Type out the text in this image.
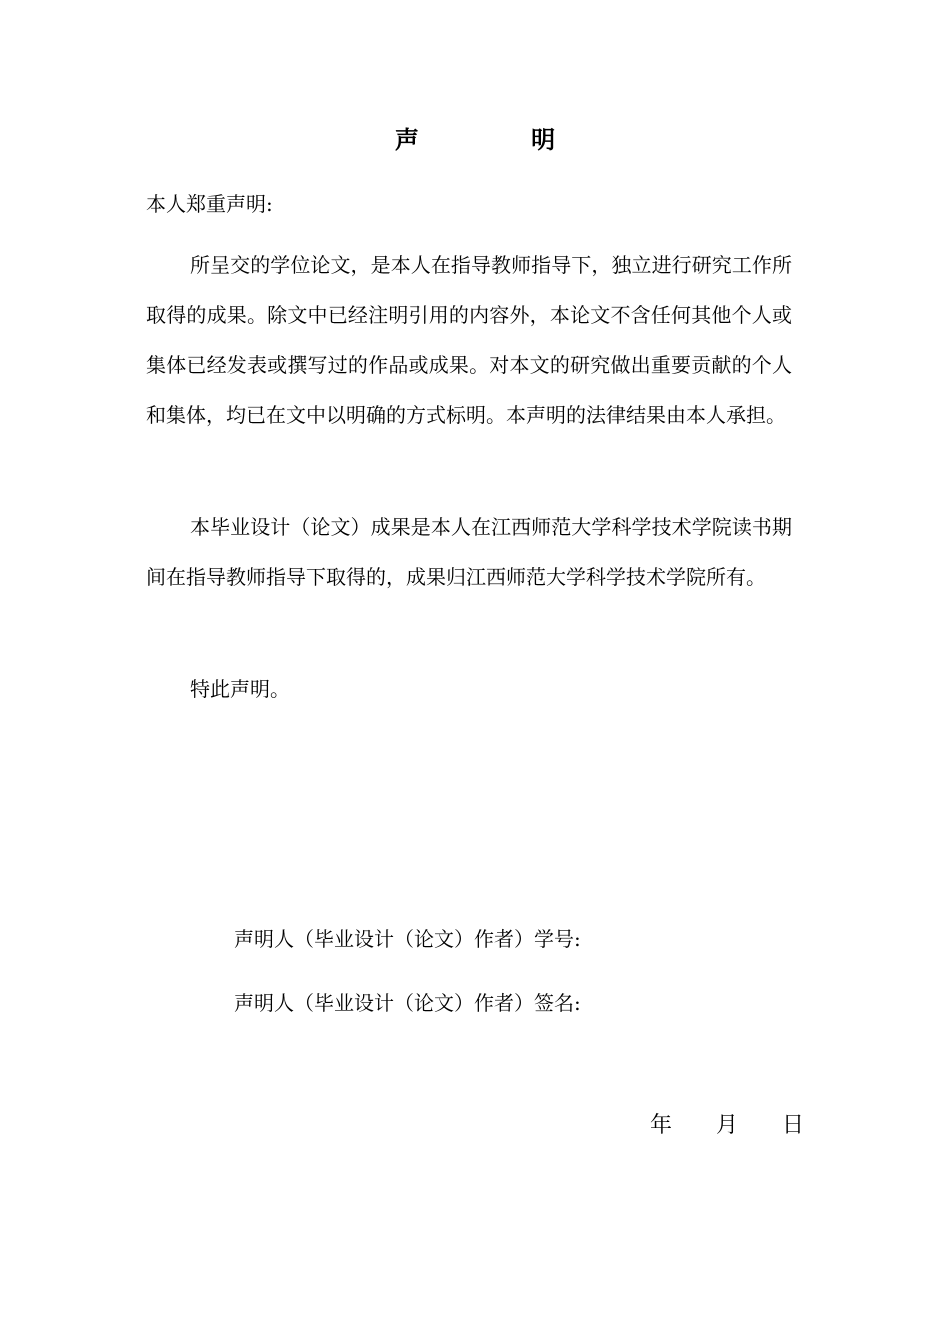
声 明
本人郑重声明:

所呈交的学位论文，是本人在指导教师指导下，独立进行研究工作所取得的成果。除文中已经注明引用的内容外，本论文不含任何其他个人或集体已经发表或撰写过的作品或成果。对本文的研究做出重要贡献的个人和集体，均已在文中以明确的方式标明。本声明的法律结果由本人承担。

本毕业设计（论文）成果是本人在江西师范大学科学技术学院读书期间在指导教师指导下取得的，成果归江西师范大学科学技术学院所有。

特此声明。

声明人（毕业设计（论文）作者）学号:
声明人（毕业设计（论文）作者）签名:
年 月 日
